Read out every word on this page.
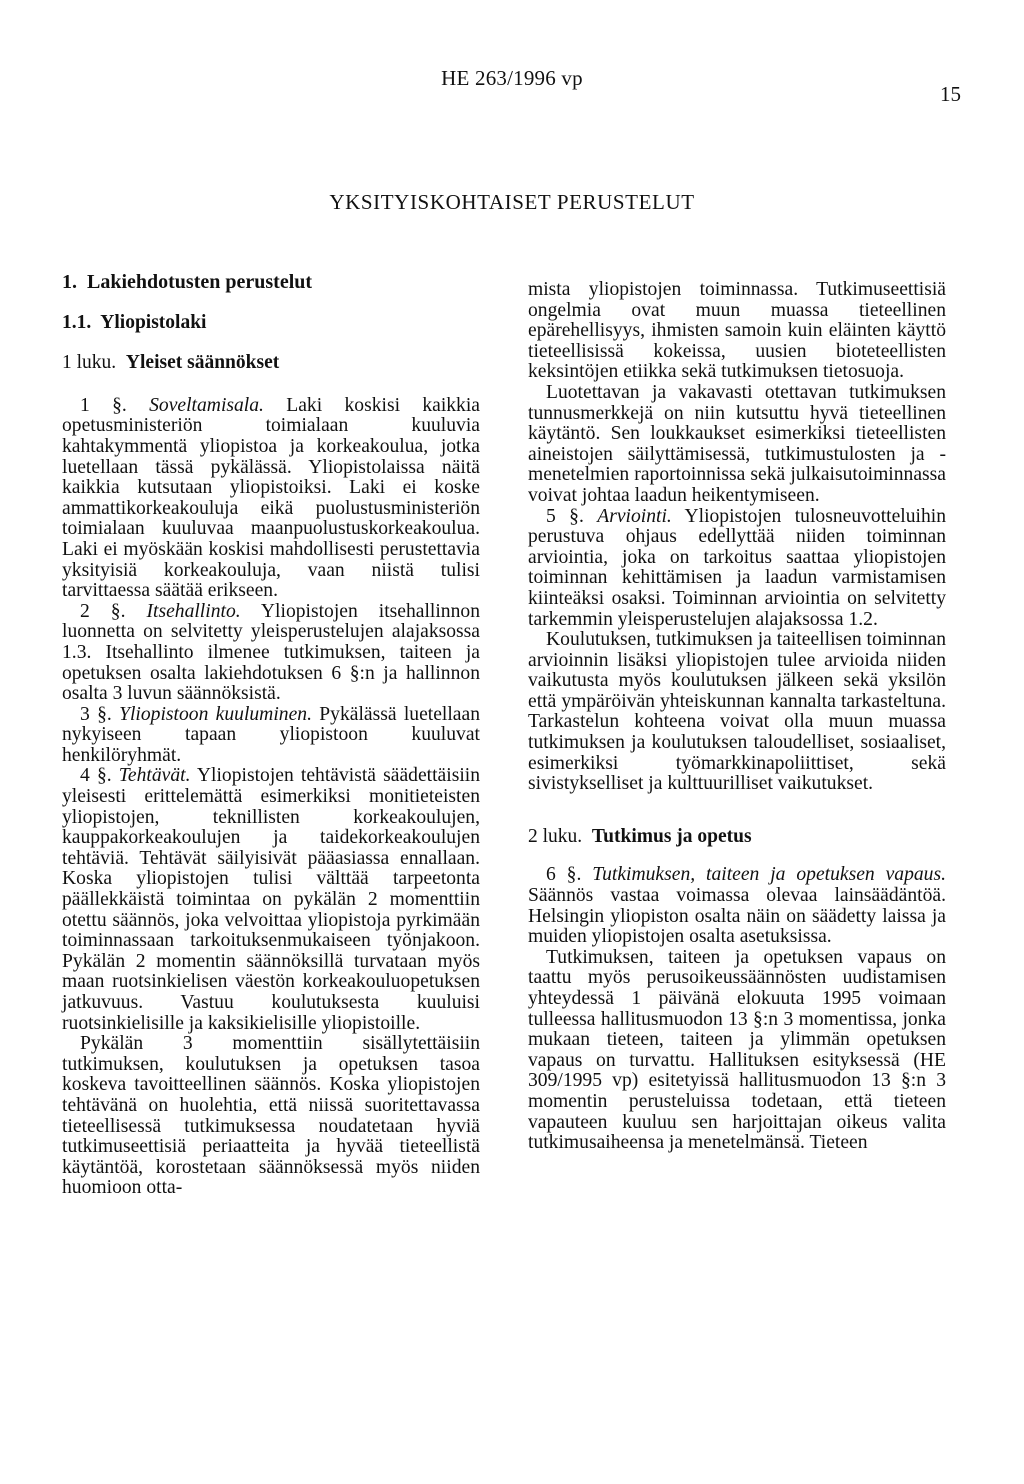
HE 263/1996 vp
15
YKSITYISKOHTAISET PERUSTELUT

1. Lakiehdotusten perustelut

1.1. Yliopistolaki

1 luku. Yleiset säännökset

1 §. Soveltamisala. Laki koskisi kaikkia opetusministeriön toimialaan kuuluvia kahtakymmentä yliopistoa ja korkeakoulua, jotka luetellaan tässä pykälässä. Yliopistolaissa näitä kaikkia kutsutaan yliopistoiksi. Laki ei koske ammattikorkeakouluja eikä puolustusministeriön toimialaan kuuluvaa maanpuolustuskorkeakoulua. Laki ei myöskään koskisi mahdollisesti perustettavia yksityisiä korkeakouluja, vaan niistä tulisi tarvittaessa säätää erikseen.

2 §. Itsehallinto. Yliopistojen itsehallinnon luonnetta on selvitetty yleisperustelujen alajaksossa 1.3. Itsehallinto ilmenee tutkimuksen, taiteen ja opetuksen osalta lakiehdotuksen 6 §:n ja hallinnon osalta 3 luvun säännöksistä.

3 §. Yliopistoon kuuluminen. Pykälässä luetellaan nykyiseen tapaan yliopistoon kuuluvat henkilöryhmät.

4 §. Tehtävät. Yliopistojen tehtävistä säädettäisiin yleisesti erittelemättä esimerkiksi monitieteisten yliopistojen, teknillisten korkeakoulujen, kauppakorkeakoulujen ja taidekorkeakoulujen tehtäviä. Tehtävät säilyisivät pääasiassa ennallaan. Koska yliopistojen tulisi välttää tarpeetonta päällekkäistä toimintaa on pykälän 2 momenttiin otettu säännös, joka velvoittaa yliopistoja pyrkimään toiminnassaan tarkoituksenmukaiseen työnjakoon. Pykälän 2 momentin säännöksillä turvataan myös maan ruotsinkielisen väestön korkeakouluopetuksen jatkuvuus. Vastuu koulutuksesta kuuluisi ruotsinkielisille ja kaksikielisille yliopistoille.

Pykälän 3 momenttiin sisällytettäisiin tutkimuksen, koulutuksen ja opetuksen tasoa koskeva tavoitteellinen säännös. Koska yliopistojen tehtävänä on huolehtia, että niissä suoritettavassa tieteellisessä tutkimuksessa noudatetaan hyviä tutkimuseettisiä periaatteita ja hyvää tieteellistä käytäntöä, korostetaan säännöksessä myös niiden huomioon otta-

mista yliopistojen toiminnassa. Tutkimuseettisiä ongelmia ovat muun muassa tieteellinen epärehellisyys, ihmisten samoin kuin eläinten käyttö tieteellisissä kokeissa, uusien bioteteellisten keksintöjen etiikka sekä tutkimuksen tietosuoja.

Luotettavan ja vakavasti otettavan tutkimuksen tunnusmerkkejä on niin kutsuttu hyvä tieteellinen käytäntö. Sen loukkaukset esimerkiksi tieteellisten aineistojen säilyttämisessä, tutkimustulosten ja -menetelmien raportoinnissa sekä julkaisutoiminnassa voivat johtaa laadun heikentymiseen.

5 §. Arviointi. Yliopistojen tulosneuvotteluihin perustuva ohjaus edellyttää niiden toiminnan arviointia, joka on tarkoitus saattaa yliopistojen toiminnan kehittämisen ja laadun varmistamisen kiinteäksi osaksi. Toiminnan arviointia on selvitetty tarkemmin yleisperustelujen alajaksossa 1.2.

Koulutuksen, tutkimuksen ja taiteellisen toiminnan arvioinnin lisäksi yliopistojen tulee arvioida niiden vaikutusta myös koulutuksen jälkeen sekä yksilön että ympäröivän yhteiskunnan kannalta tarkasteltuna. Tarkastelun kohteena voivat olla muun muassa tutkimuksen ja koulutuksen taloudelliset, sosiaaliset, esimerkiksi työmarkkinapoliittiset, sekä sivistykselliset ja kulttuurilliset vaikutukset.

2 luku. Tutkimus ja opetus

6 §. Tutkimuksen, taiteen ja opetuksen vapaus. Säännös vastaa voimassa olevaa lainsäädäntöä. Helsingin yliopiston osalta näin on säädetty laissa ja muiden yliopistojen osalta asetuksissa.

Tutkimuksen, taiteen ja opetuksen vapaus on taattu myös perusoikeussäännösten uudistamisen yhteydessä 1 päivänä elokuuta 1995 voimaan tulleessa hallitusmuodon 13 §:n 3 momentissa, jonka mukaan tieteen, taiteen ja ylimmän opetuksen vapaus on turvattu. Hallituksen esityksessä (HE 309/1995 vp) esitetyissä hallitusmuodon 13 §:n 3 momentin perusteluissa todetaan, että tieteen vapauteen kuuluu sen harjoittajan oikeus valita tutkimusaiheensa ja menetelmänsä. Tieteen
